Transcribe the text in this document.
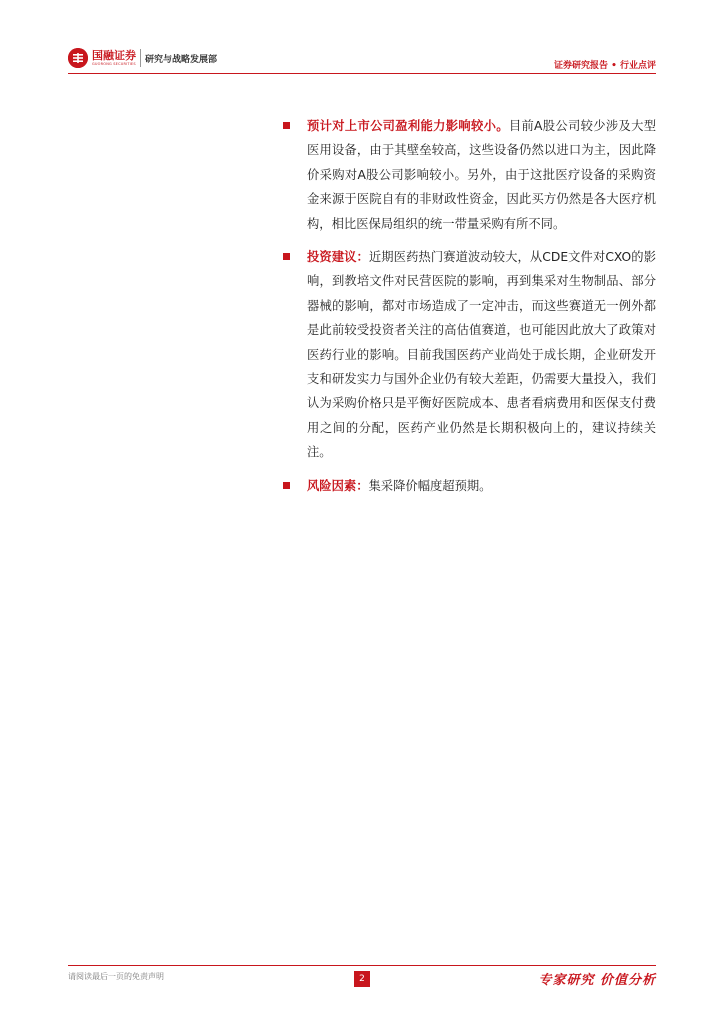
国融证券
GUORONG SECURITIES 研究与战略发展部
证券研究报告 • 行业点评

预计对上市公司盈利能力影响较小。目前A股公司较少涉及大型医用设备，由于其壁垒较高，这些设备仍然以进口为主，因此降价采购对A股公司影响较小。另外，由于这批医疗设备的采购资金来源于医院自有的非财政性资金，因此买方仍然是各大医疗机构，相比医保局组织的统一带量采购有所不同。

投资建议：近期医药热门赛道波动较大，从CDE文件对CXO的影响，到教培文件对民营医院的影响，再到集采对生物制品、部分器械的影响，都对市场造成了一定冲击，而这些赛道无一例外都是此前较受投资者关注的高估值赛道，也可能因此放大了政策对医药行业的影响。目前我国医药产业尚处于成长期，企业研发开支和研发实力与国外企业仍有较大差距，仍需要大量投入，我们认为采购价格只是平衡好医院成本、患者看病费用和医保支付费用之间的分配，医药产业仍然是长期积极向上的，建议持续关注。

风险因素：集采降价幅度超预期。

请阅读最后一页的免责声明	2	专家研究 价值分析
